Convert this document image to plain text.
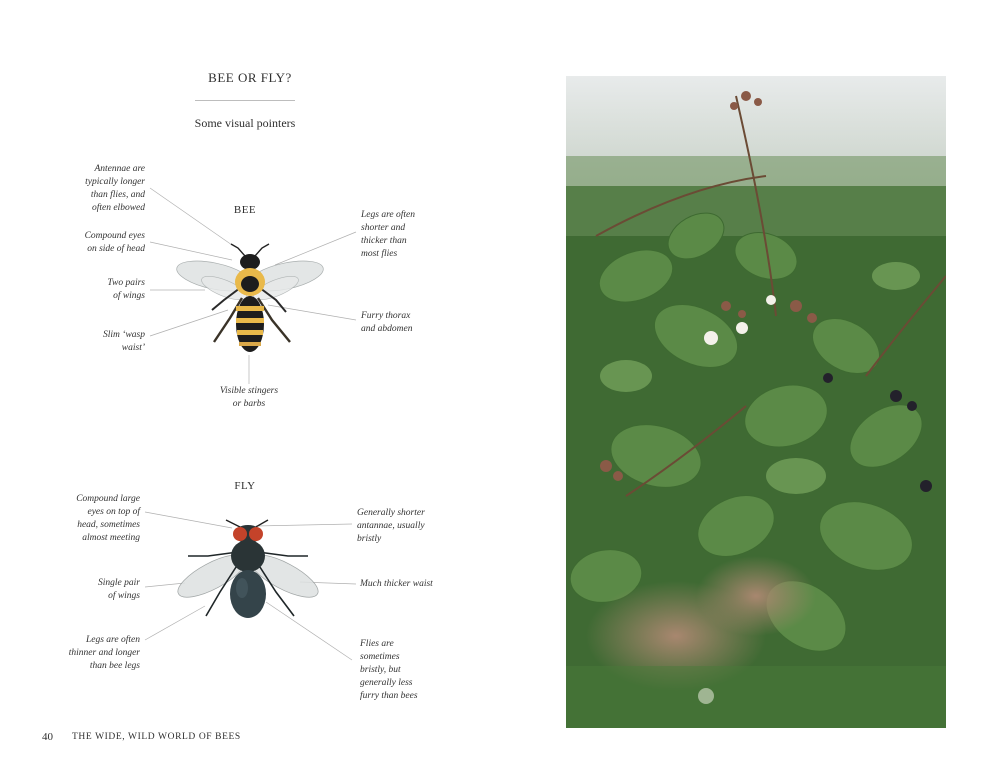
BEE OR FLY?
Some visual pointers
BEE
Antennae are
typically longer
than flies, and
often elbowed
Compound eyes
on side of head
Two pairs
of wings
Slim ‘wasp
waist’
Legs are often
shorter and
thicker than
most flies
Furry thorax
and abdomen
Visible stingers
or barbs
FLY
Compound large
eyes on top of
head, sometimes
almost meeting
Single pair
of wings
Legs are often
thinner and longer
than bee legs
Generally shorter
antannae, usually
bristly
Much thicker waist
Flies are
sometimes
bristly, but
generally less
furry than bees
40 THE WIDE, WILD WORLD OF BEES
